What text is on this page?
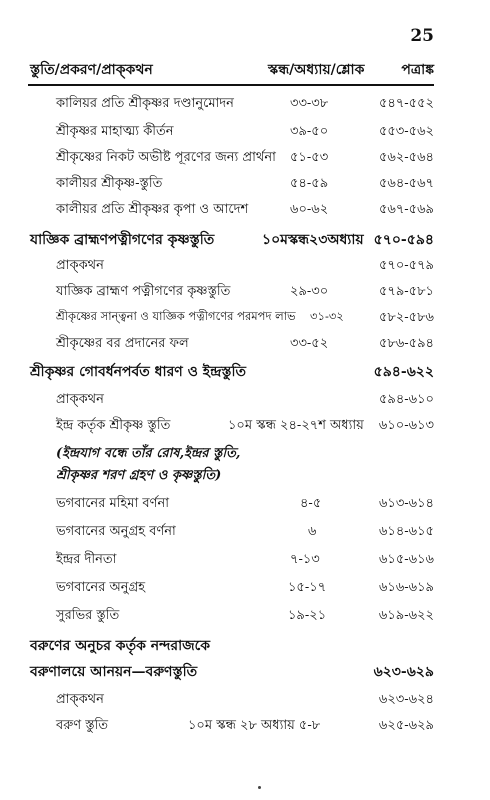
25
স্তুতি/প্রকরণ/প্রাক্‌কথন	স্কন্ধ/অধ্যায়/শ্লোক	পত্রাঙ্ক
কালিয়র প্রতি শ্রীকৃষ্ণর দণ্ডানুমোদন	৩৩-৩৮	৫৪৭-৫৫২
শ্রীকৃষ্ণর মাহাত্ম্য কীর্তন	৩৯-৫০	৫৫৩-৫৬২
শ্রীকৃষ্ণের নিকট অভীষ্ট পূরণের জন্য প্রার্থনা ৫১-৫৩	৫৬২-৫৬৪
কালীয়র শ্রীকৃষ্ণ-স্তুতি	৫৪-৫৯	৫৬৪-৫৬৭
কালীয়র প্রতি শ্রীকৃষ্ণর কৃপা ও আদেশ	৬০-৬২	৫৬৭-৫৬৯
যাজ্ঞিক ব্রাহ্মণপত্নীগণের কৃষ্ণস্তুতি	১০মস্কন্ধ২৩অধ্যায় ৫৭০-৫৯৪
প্রাক্‌কথন	৫৭০-৫৭৯
যাজ্ঞিক ব্রাহ্মণ পত্নীগণের কৃষ্ণস্তুতি	২৯-৩০	৫৭৯-৫৮১
শ্রীকৃষ্ণের সান্ত্বনা ও যাজ্ঞিক পত্নীগণের পরমপদ লাভ ৩১-৩২	৫৮২-৫৮৬
শ্রীকৃষ্ণের বর প্রদানের ফল	৩৩-৫২	৫৮৬-৫৯৪
শ্রীকৃষ্ণর গোবর্ধনপর্বত ধারণ ও ইন্দ্রস্তুতি	৫৯৪-৬২২
প্রাক্‌কথন	৫৯৪-৬১০
ইন্দ্র কর্তৃক শ্রীকৃষ্ণ স্তুতি	১০ম স্কন্ধ ২৪-২৭শ অধ্যায় ৬১০-৬১৩
(ইন্দ্রযাগ বন্ধে তাঁর রোষ,ইন্দ্রর স্তুতি,
শ্রীকৃষ্ণর শরণ গ্রহণ ও কৃষ্ণস্তুতি)
ভগবানের মহিমা বর্ণনা	৪-৫	৬১৩-৬১৪
ভগবানের অনুগ্রহ বর্ণনা	৬	৬১৪-৬১৫
ইন্দ্রর দীনতা	৭-১৩	৬১৫-৬১৬
ভগবানের অনুগ্রহ	১৫-১৭	৬১৬-৬১৯
সুরভির স্তুতি	১৯-২১	৬১৯-৬২২
বরুণের অনুচর কর্তৃক নন্দরাজকে
বরুণালয়ে আনয়ন—বরুণস্তুতি	৬২৩-৬২৯
প্রাক্‌কথন	৬২৩-৬২৪
বরুণ স্তুতি	১০ম স্কন্ধ ২৮ অধ্যায় ৫-৮	৬২৫-৬২৯
